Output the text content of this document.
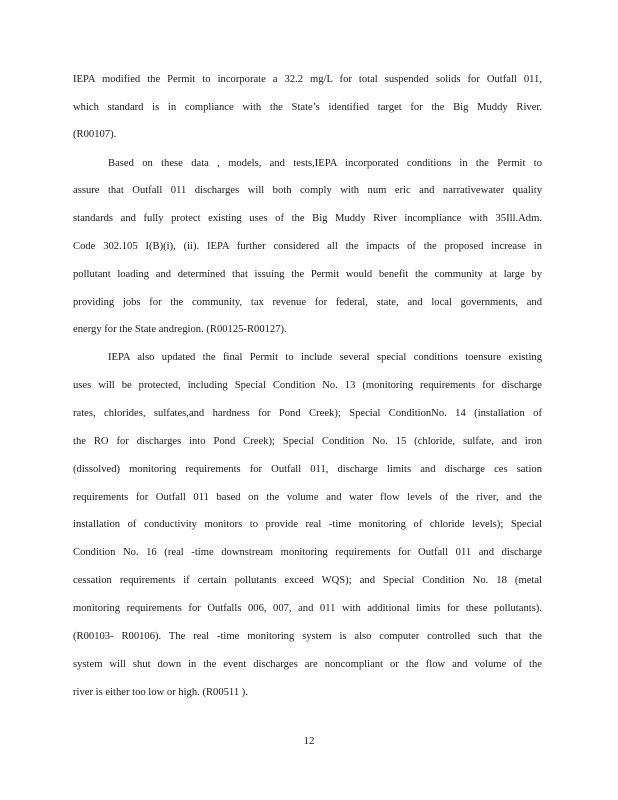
IEPA modified the Permit to incorporate a 32.2 mg/L for total suspended solids for Outfall 011,
which standard is in compliance with the State’s identified target for the Big Muddy River.
(R00107).
Based on these data , models, and tests,IEPA incorporated conditions in the Permit to
assure that Outfall 011 discharges will both comply with num eric and narrativewater quality
standards and fully protect existing uses of the Big Muddy River incompliance with 35Ill.Adm.
Code 302.105 I(B)(i), (ii). IEPA further considered all the impacts of the proposed increase in
pollutant loading and determined that issuing the Permit would benefit the community at large by
providing jobs for the community, tax revenue for federal, state, and local governments, and
energy for the State andregion. (R00125-R00127).
IEPA also updated the final Permit to include several special conditions toensure existing
uses will be protected, including Special Condition No. 13 (monitoring requirements for discharge
rates, chlorides, sulfates,and hardness for Pond Creek); Special ConditionNo. 14 (installation of
the RO for discharges into Pond Creek); Special Condition No. 15 (chloride, sulfate, and iron
(dissolved) monitoring requirements for Outfall 011, discharge limits and discharge ces sation
requirements for Outfall 011 based on the volume and water flow levels of the river, and the
installation of conductivity monitors to provide real -time monitoring of chloride levels); Special
Condition No. 16 (real -time downstream monitoring requirements for Outfall 011 and discharge
cessation requirements if certain pollutants exceed WQS); and Special Condition No. 18 (metal
monitoring requirements for Outfalls 006, 007, and 011 with additional limits for these pollutants).
(R00103- R00106). The real -time monitoring system is also computer controlled such that the
system will shut down in the event discharges are noncompliant or the flow and volume of the
river is either too low or high. (R00511 ).
12
